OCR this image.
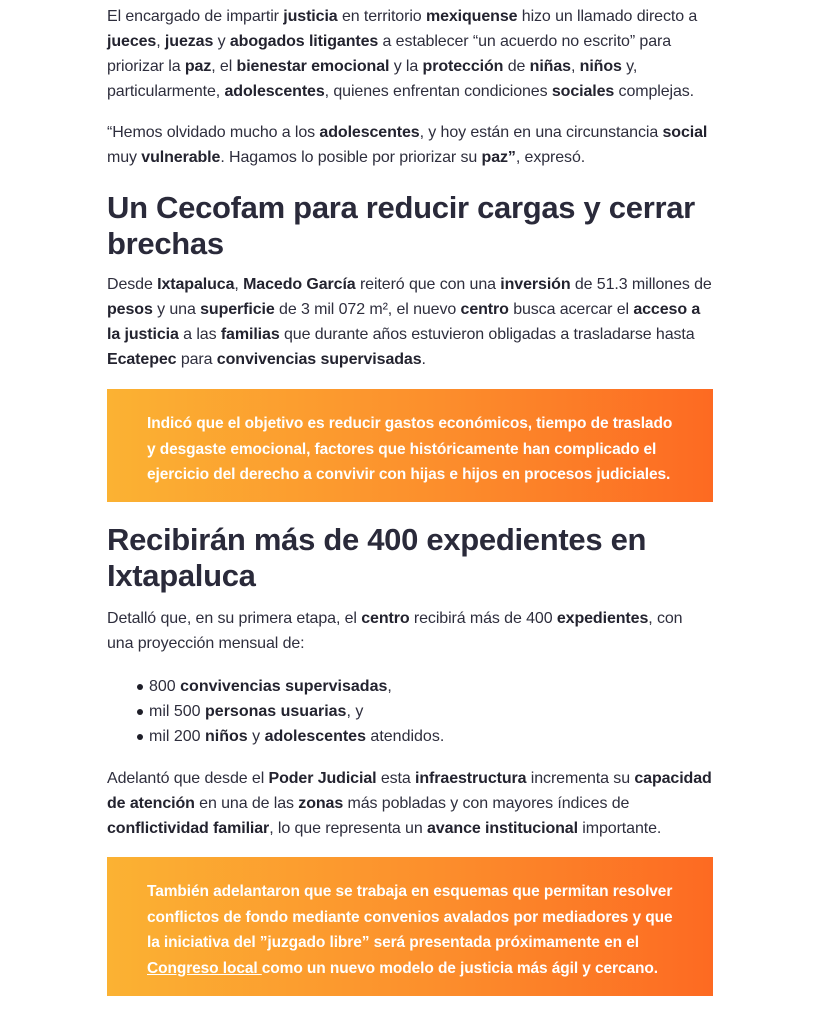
El encargado de impartir justicia en territorio mexiquense hizo un llamado directo a jueces, juezas y abogados litigantes a establecer “un acuerdo no escrito” para priorizar la paz, el bienestar emocional y la protección de niñas, niños y, particularmente, adolescentes, quienes enfrentan condiciones sociales complejas.

“Hemos olvidado mucho a los adolescentes, y hoy están en una circunstancia social muy vulnerable. Hagamos lo posible por priorizar su paz”, expresó.

Un Cecofam para reducir cargas y cerrar brechas

Desde Ixtapaluca, Macedo García reiteró que con una inversión de 51.3 millones de pesos y una superficie de 3 mil 072 m², el nuevo centro busca acercar el acceso a la justicia a las familias que durante años estuvieron obligadas a trasladarse hasta Ecatepec para convivencias supervisadas.

Indicó que el objetivo es reducir gastos económicos, tiempo de traslado y desgaste emocional, factores que históricamente han complicado el ejercicio del derecho a convivir con hijas e hijos en procesos judiciales.
Recibirán más de 400 expedientes en Ixtapaluca

Detalló que, en su primera etapa, el centro recibirá más de 400 expedientes, con una proyección mensual de:

800 convivencias supervisadas,
mil 500 personas usuarias, y
mil 200 niños y adolescentes atendidos.

Adelantó que desde el Poder Judicial esta infraestructura incrementa su capacidad de atención en una de las zonas más pobladas y con mayores índices de conflictividad familiar, lo que representa un avance institucional importante.

También adelantaron que se trabaja en esquemas que permitan resolver conflictos de fondo mediante convenios avalados por mediadores y que la iniciativa del ”juzgado libre” será presentada próximamente en el Congreso local como un nuevo modelo de justicia más ágil y cercano.
